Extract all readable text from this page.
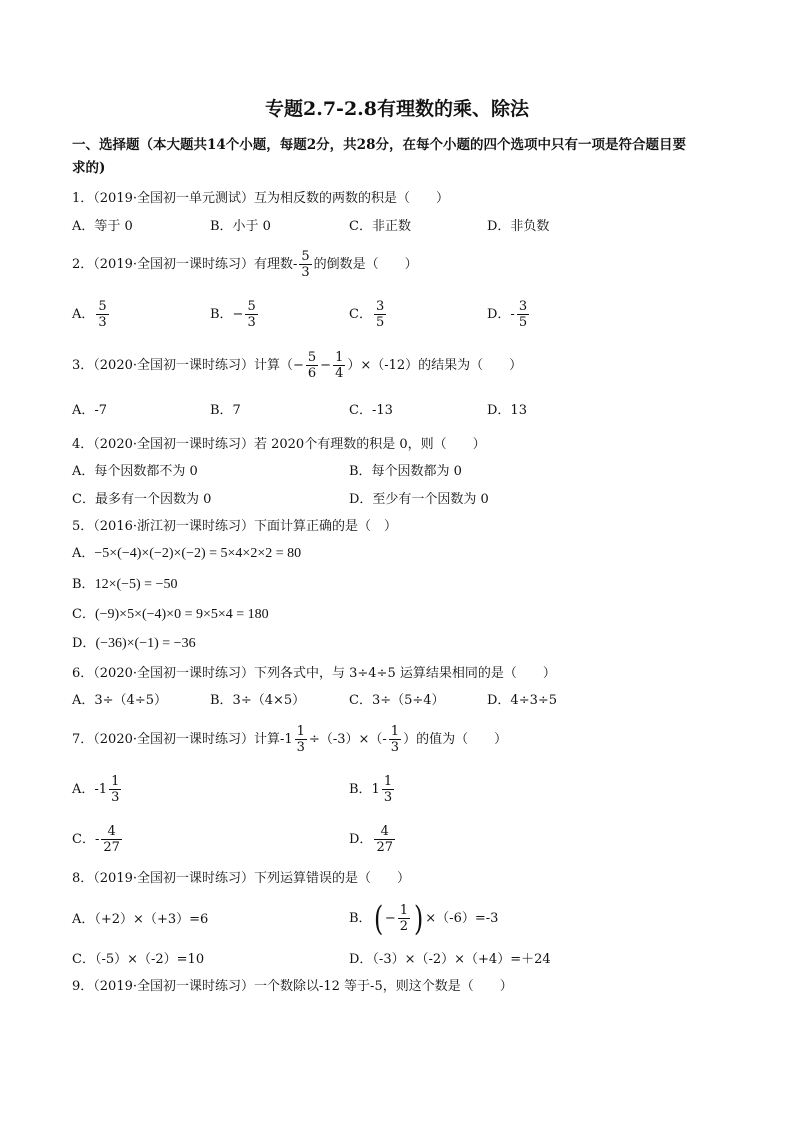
专题2.7-2.8有理数的乘、除法
一、选择题（本大题共14个小题，每题2分，共28分，在每个小题的四个选项中只有一项是符合题目要
求的)
1．（2019·全国初一单元测试）互为相反数的两数的积是（　　）
A．等于 0	B．小于 0	C．非正数	D．非负数
2．（2019·全国初一课时练习）有理数- $\frac{5}{3}$ 的倒数是（　　）
A． $\frac{5}{3}$	B．− $\frac{5}{3}$	C． $\frac{3}{5}$	D．- $\frac{3}{5}$
3．（2020·全国初一课时练习）计算（− $\frac{5}{6} - \frac{1}{4} )\times(-12)$的结果为（　　）
A．-7	B．7	C．-13	D．13
4．（2020·全国初一课时练习）若 2020个有理数的积是 0，则（　　）
A．每个因数都不为 0	B．每个因数都为 0
C．最多有一个因数为 0	D．至少有一个因数为 0
5．（2016·浙江初一课时练习）下面计算正确的是（　）
A．−5×(−4)×(−2)×(−2) = 5×4×2×2 = 80
B．12×(−5) = −50
C．(−9)×5×(−4)×0 = 9×5×4 = 180
D．(−36)×(−1) = −36
6．（2020·全国初一课时练习）下列各式中，与 3÷4÷5 运算结果相同的是（　　）
A．3÷（4÷5）	B．3÷（4×5）	C．3÷（5÷4）	D．4÷3÷5
7．（2020·全国初一课时练习）计算$-1 \frac{1}{3} \div(-3)\times(- \frac{1}{3}$ ）的值为（　　）
A．$-1 \frac{1}{3}$	B．$1 \frac{1}{3}$
C．- $\frac{4}{27}$	D． $\frac{4}{27}$
8．（2019·全国初一课时练习）下列运算错误的是（　　）
A．（+2）×（+3）=6	B．( − $\frac{1}{2}$ ) ×（-6）=-3
C．（-5）×（-2）=10	D．（-3）×（-2）×（+4）=＋24
9．（2019·全国初一课时练习）一个数除以-12 等于-5，则这个数是（　　）
